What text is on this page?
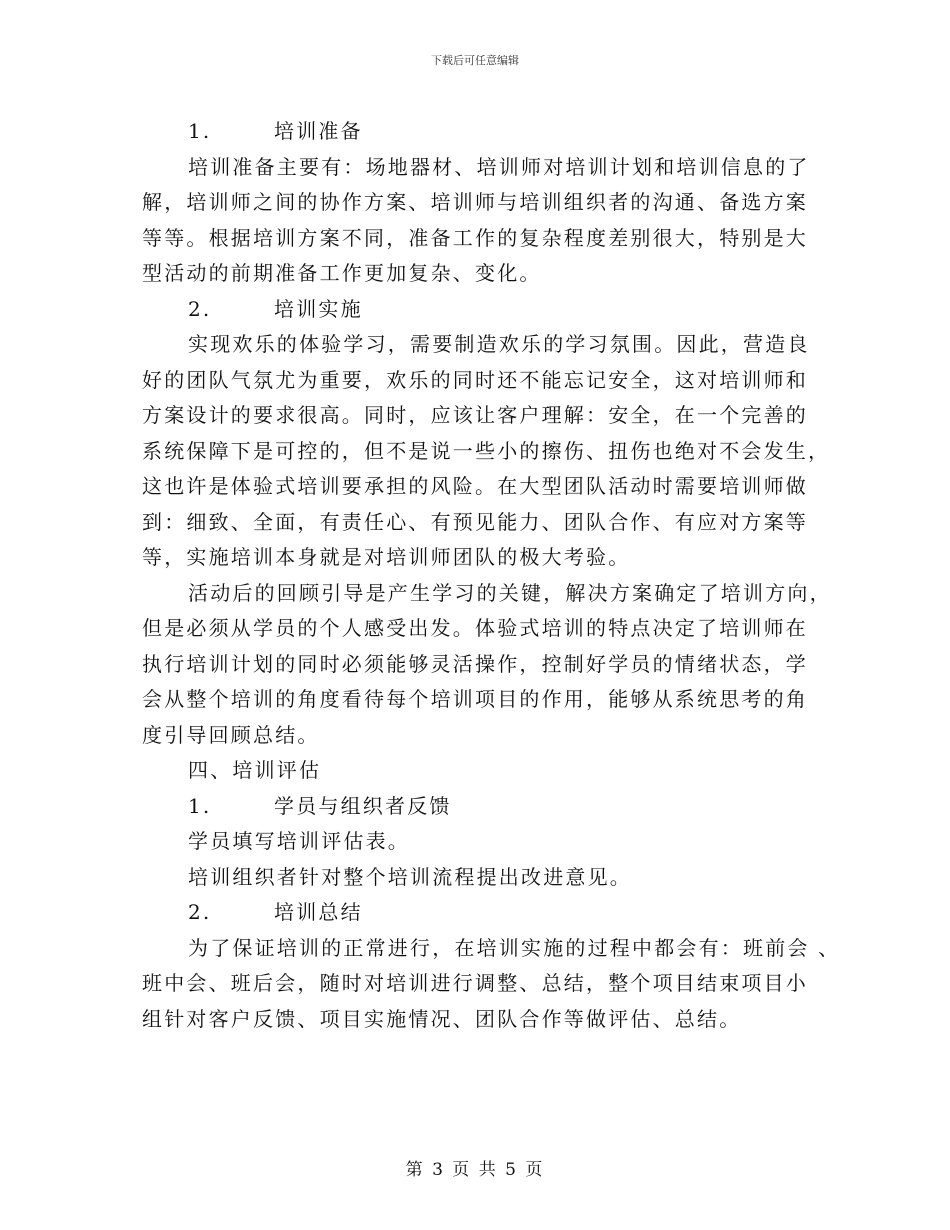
下载后可任意编辑
1.	培训准备
培训准备主要有：场地器材、培训师对培训计划和培训信息的了
解，培训师之间的协作方案、培训师与培训组织者的沟通、备选方案
等等。根据培训方案不同，准备工作的复杂程度差别很大，特别是大
型活动的前期准备工作更加复杂、变化。
2.	培训实施
实现欢乐的体验学习，需要制造欢乐的学习氛围。因此，营造良
好的团队气氛尤为重要，欢乐的同时还不能忘记安全，这对培训师和
方案设计的要求很高。同时，应该让客户理解：安全，在一个完善的
系统保障下是可控的，但不是说一些小的擦伤、扭伤也绝对不会发生，
这也许是体验式培训要承担的风险。在大型团队活动时需要培训师做
到：细致、全面，有责任心、有预见能力、团队合作、有应对方案等
等，实施培训本身就是对培训师团队的极大考验。
活动后的回顾引导是产生学习的关键，解决方案确定了培训方向，
但是必须从学员的个人感受出发。体验式培训的特点决定了培训师在
执行培训计划的同时必须能够灵活操作，控制好学员的情绪状态，学
会从整个培训的角度看待每个培训项目的作用，能够从系统思考的角
度引导回顾总结。
四、培训评估
1.	学员与组织者反馈
学员填写培训评估表。
培训组织者针对整个培训流程提出改进意见。
2.	培训总结
为了保证培训的正常进行，在培训实施的过程中都会有：班前会 、
班中会、班后会，随时对培训进行调整、总结，整个项目结束项目小
组针对客户反馈、项目实施情况、团队合作等做评估、总结。
第 3 页 共 5 页
